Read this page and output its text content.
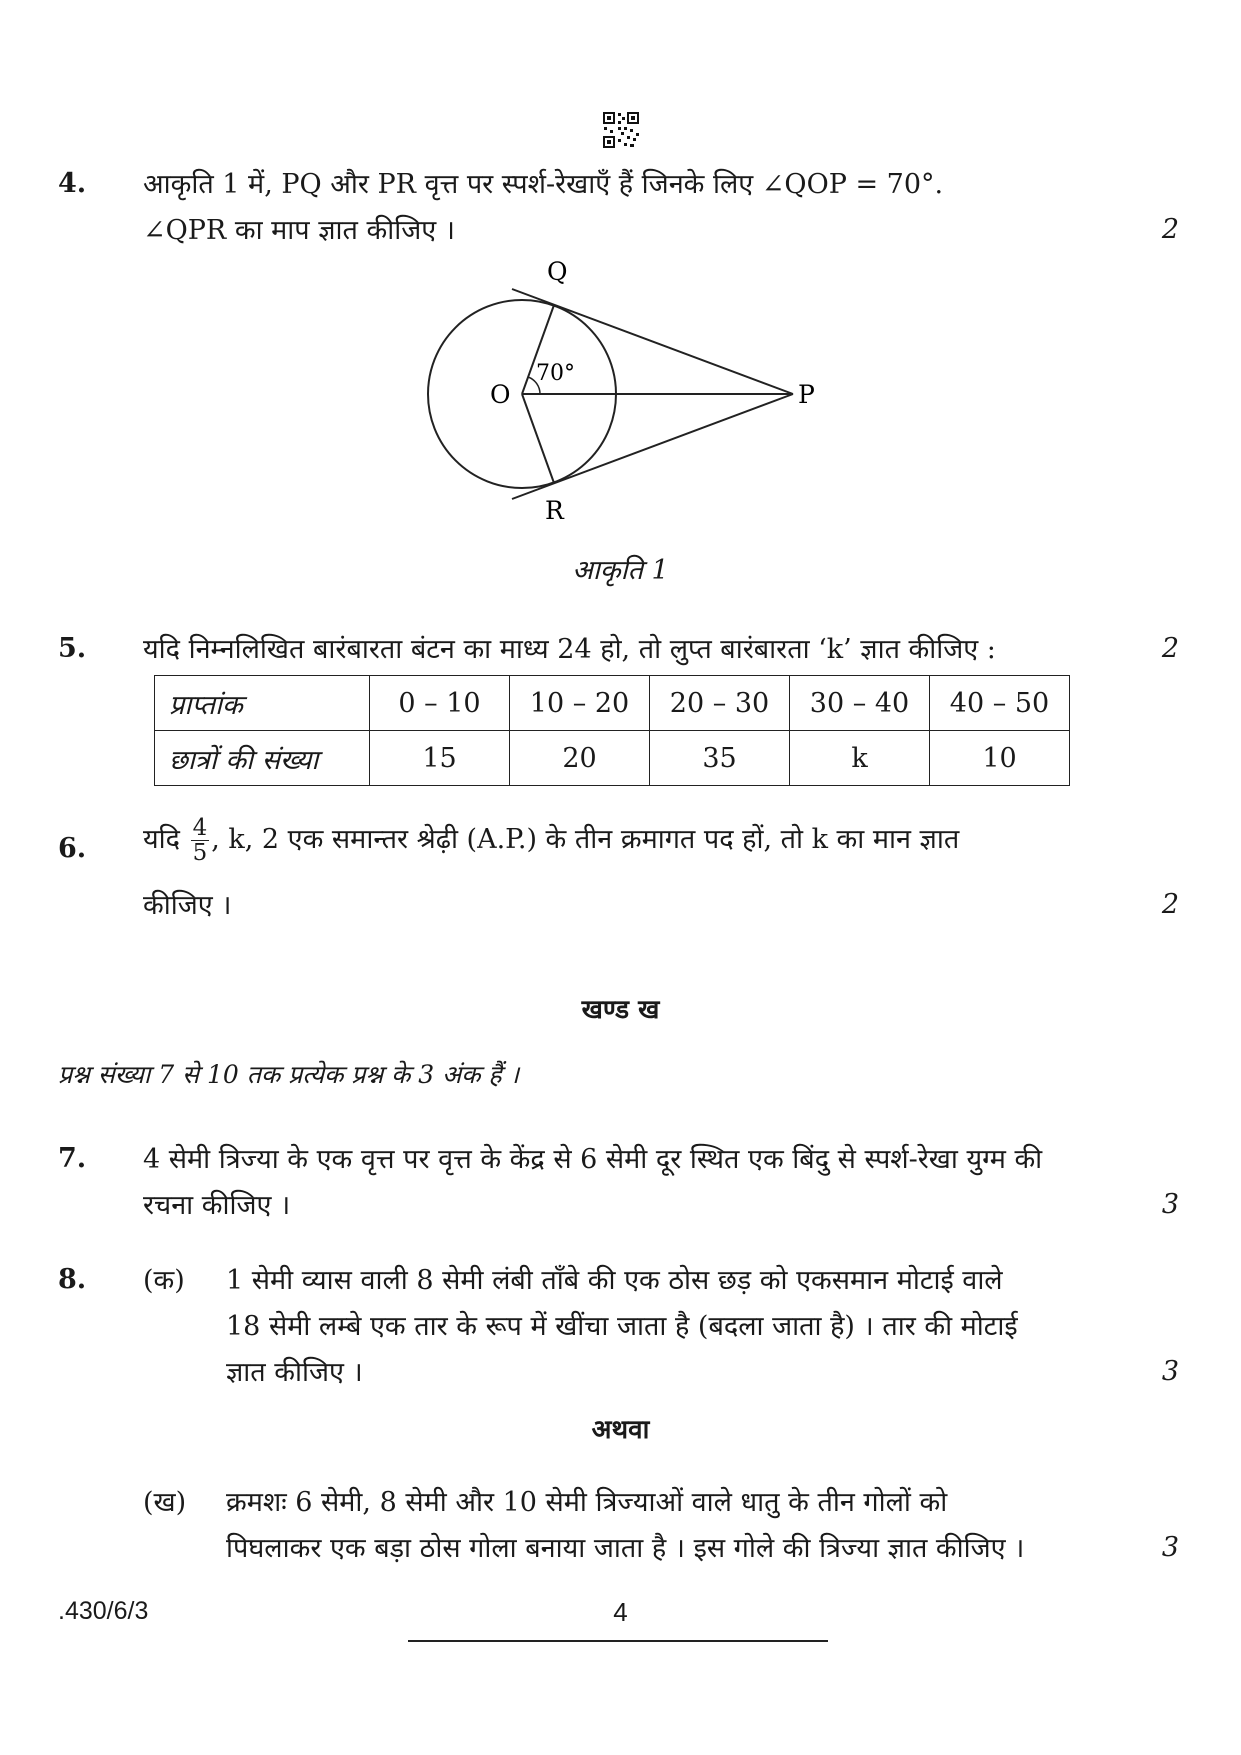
4. आकृति 1 में, PQ और PR वृत्त पर स्पर्श-रेखाएँ हैं जिनके लिए ∠QOP = 70°.
∠QPR का माप ज्ञात कीजिए ।	2
Q
O	P
R
70°
आकृति 1
5. यदि निम्नलिखित बारंबारता बंटन का माध्य 24 हो, तो लुप्त बारंबारता ‘k’ ज्ञात कीजिए :	2
प्राप्तांक	0 – 10	10 – 20	20 – 30	30 – 40	40 – 50
छात्रों की संख्या	15	20	35	k	10
6. यदि $\frac{4}{5}$ , k, 2 एक समान्तर श्रेढ़ी (A.P.) के तीन क्रमागत पद हों, तो k का मान ज्ञात
कीजिए ।	2
खण्ड ख
प्रश्न संख्या 7 से 10 तक प्रत्येक प्रश्न के 3 अंक हैं ।
7. 4 सेमी त्रिज्या के एक वृत्त पर वृत्त के केंद्र से 6 सेमी दूर स्थित एक बिंदु से स्पर्श-रेखा युग्म की
रचना कीजिए ।	3
8. (क) 1 सेमी व्यास वाली 8 सेमी लंबी ताँबे की एक ठोस छड़ को एकसमान मोटाई वाले
18 सेमी लम्बे एक तार के रूप में खींचा जाता है (बदला जाता है) । तार की मोटाई
ज्ञात कीजिए ।	3
अथवा
(ख) क्रमशः 6 सेमी, 8 सेमी और 10 सेमी त्रिज्याओं वाले धातु के तीन गोलों को
पिघलाकर एक बड़ा ठोस गोला बनाया जाता है । इस गोले की त्रिज्या ज्ञात कीजिए ।	3
.430/6/3	4
